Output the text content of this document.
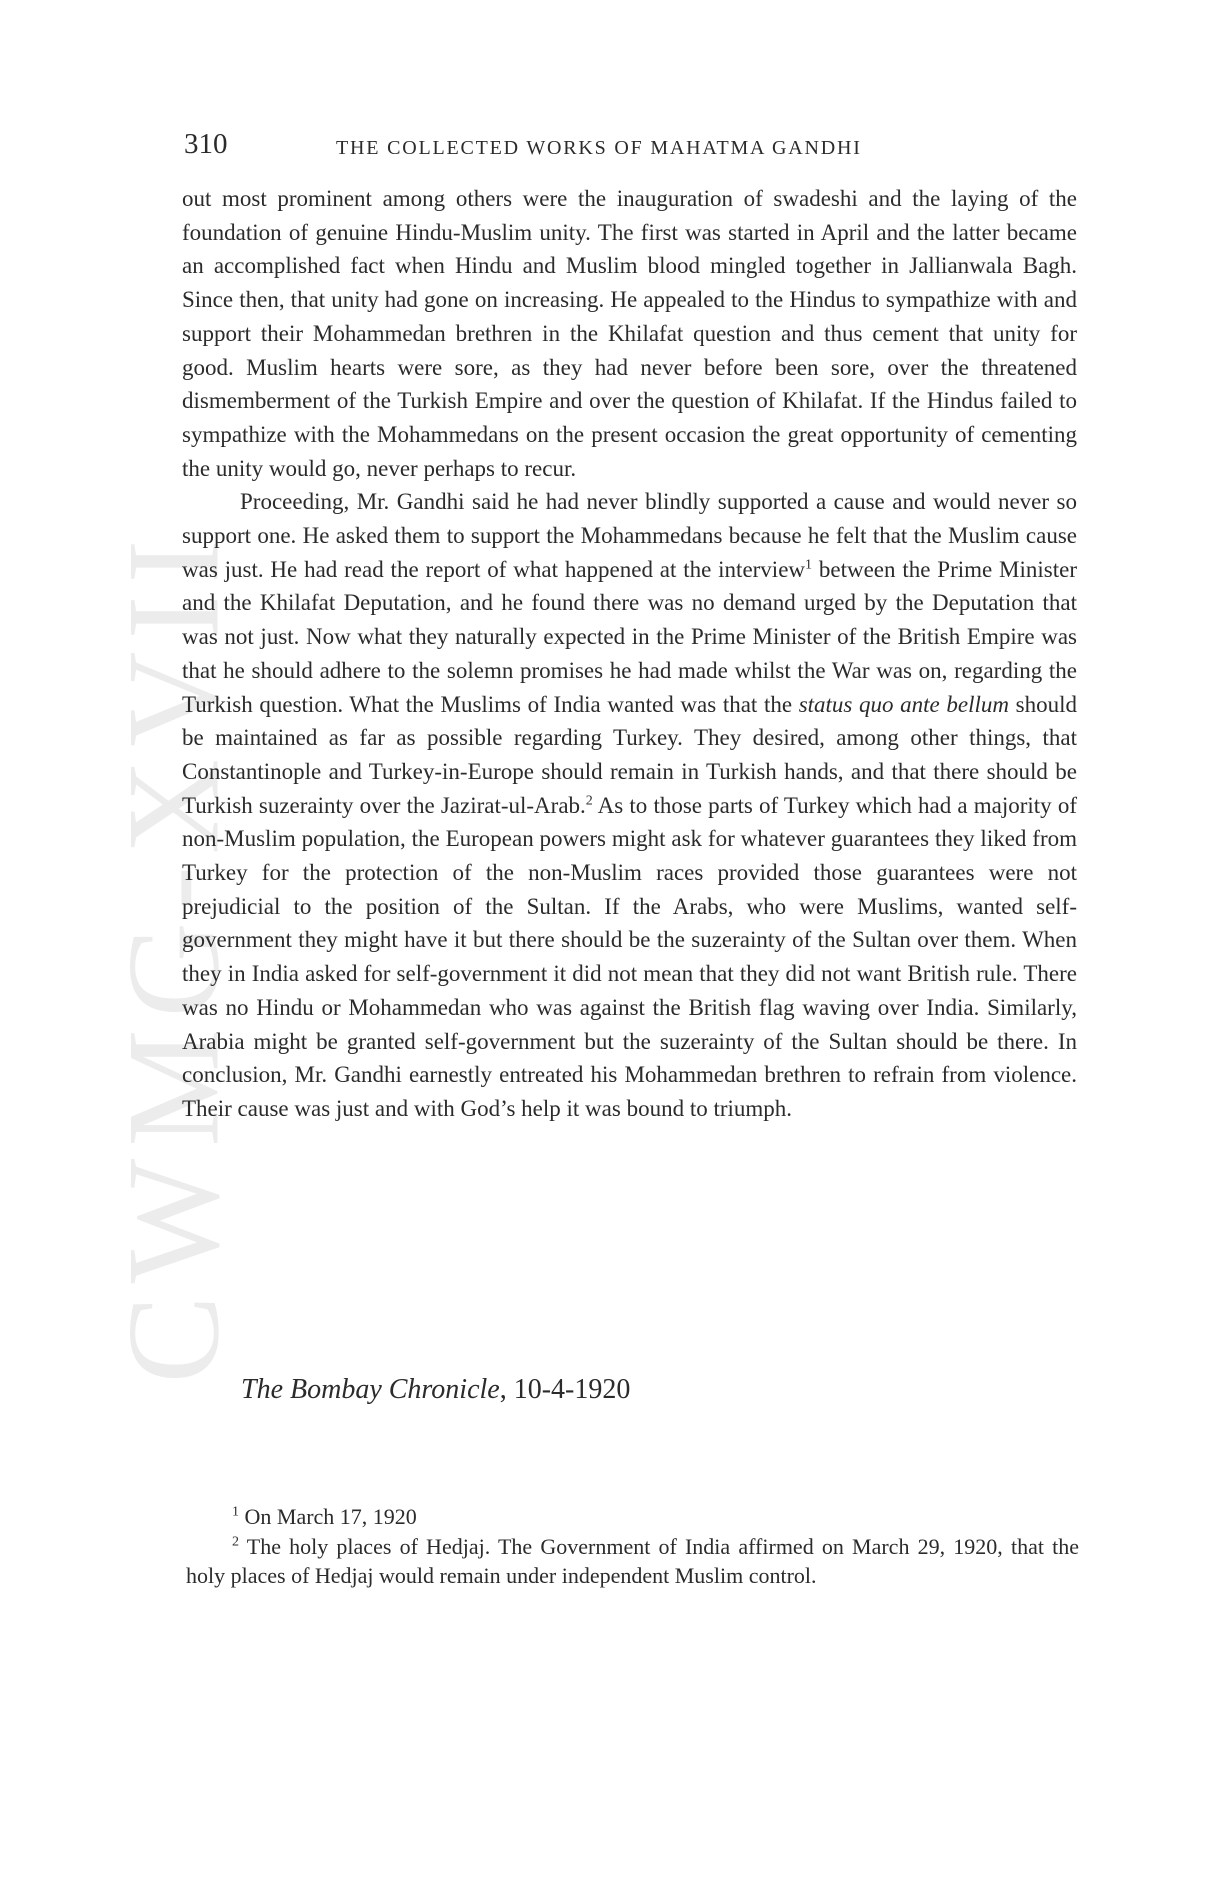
CWMG-XVII
310	THE COLLECTED WORKS OF MAHATMA GANDHI

out most prominent among others were the inauguration of swadeshi and the laying of the foundation of genuine Hindu-Muslim unity. The first was started in April and the latter became an accomplished fact when Hindu and Muslim blood mingled together in Jallianwala Bagh. Since then, that unity had gone on increasing. He appealed to the Hindus to sympathize with and support their Mohammedan brethren in the Khilafat question and thus cement that unity for good. Muslim hearts were sore, as they had never before been sore, over the threatened dismemberment of the Turkish Empire and over the question of Khilafat. If the Hindus failed to sympathize with the Mohammedans on the present occasion the great opportunity of cementing the unity would go, never perhaps to recur.

Proceeding, Mr. Gandhi said he had never blindly supported a cause and would never so support one. He asked them to support the Mohammedans because he felt that the Muslim cause was just. He had read the report of what happened at the interview$^1$ between the Prime Minister and the Khilafat Deputation, and he found there was no demand urged by the Deputation that was not just. Now what they naturally expected in the Prime Minister of the British Empire was that he should adhere to the solemn promises he had made whilst the War was on, regarding the Turkish question. What the Muslims of India wanted was that the status quo ante bellum should be maintained as far as possible regarding Turkey. They desired, among other things, that Constantinople and Turkey-in-Europe should remain in Turkish hands, and that there should be Turkish suzerainty over the Jazirat-ul-Arab.$^2$ As to those parts of Turkey which had a majority of non-Muslim population, the European powers might ask for whatever guarantees they liked from Turkey for the protection of the non-Muslim races provided those guarantees were not prejudicial to the position of the Sultan. If the Arabs, who were Muslims, wanted self-government they might have it but there should be the suzerainty of the Sultan over them. When they in India asked for self-government it did not mean that they did not want British rule. There was no Hindu or Mohammedan who was against the British flag waving over India. Similarly, Arabia might be granted self-government but the suzerainty of the Sultan should be there. In conclusion, Mr. Gandhi earnestly entreated his Mohammedan brethren to refrain from violence. Their cause was just and with God’s help it was bound to triumph.

The Bombay Chronicle, 10-4-1920

$^1$ On March 17, 1920

$^2$ The holy places of Hedjaj. The Government of India affirmed on March 29, 1920, that the holy places of Hedjaj would remain under independent Muslim control.
